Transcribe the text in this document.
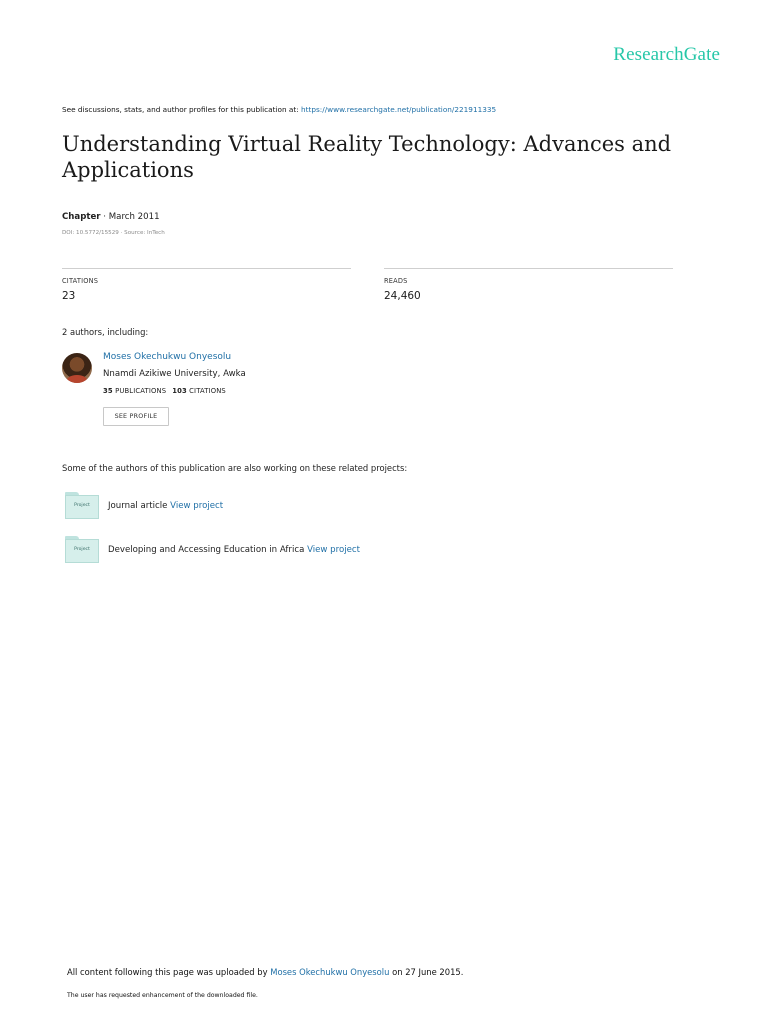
ResearchGate
See discussions, stats, and author profiles for this publication at: https://www.researchgate.net/publication/221911335
Understanding Virtual Reality Technology: Advances and Applications
Chapter · March 2011
DOI: 10.5772/15529 · Source: InTech
CITATIONS
23
READS
24,460
2 authors, including:
Moses Okechukwu Onyesolu
Nnamdi Azikiwe University, Awka
35 PUBLICATIONS 103 CITATIONS
SEE PROFILE
Some of the authors of this publication are also working on these related projects:
Project	Journal article View project
Project	Developing and Accessing Education in Africa View project
All content following this page was uploaded by Moses Okechukwu Onyesolu on 27 June 2015.
The user has requested enhancement of the downloaded file.
